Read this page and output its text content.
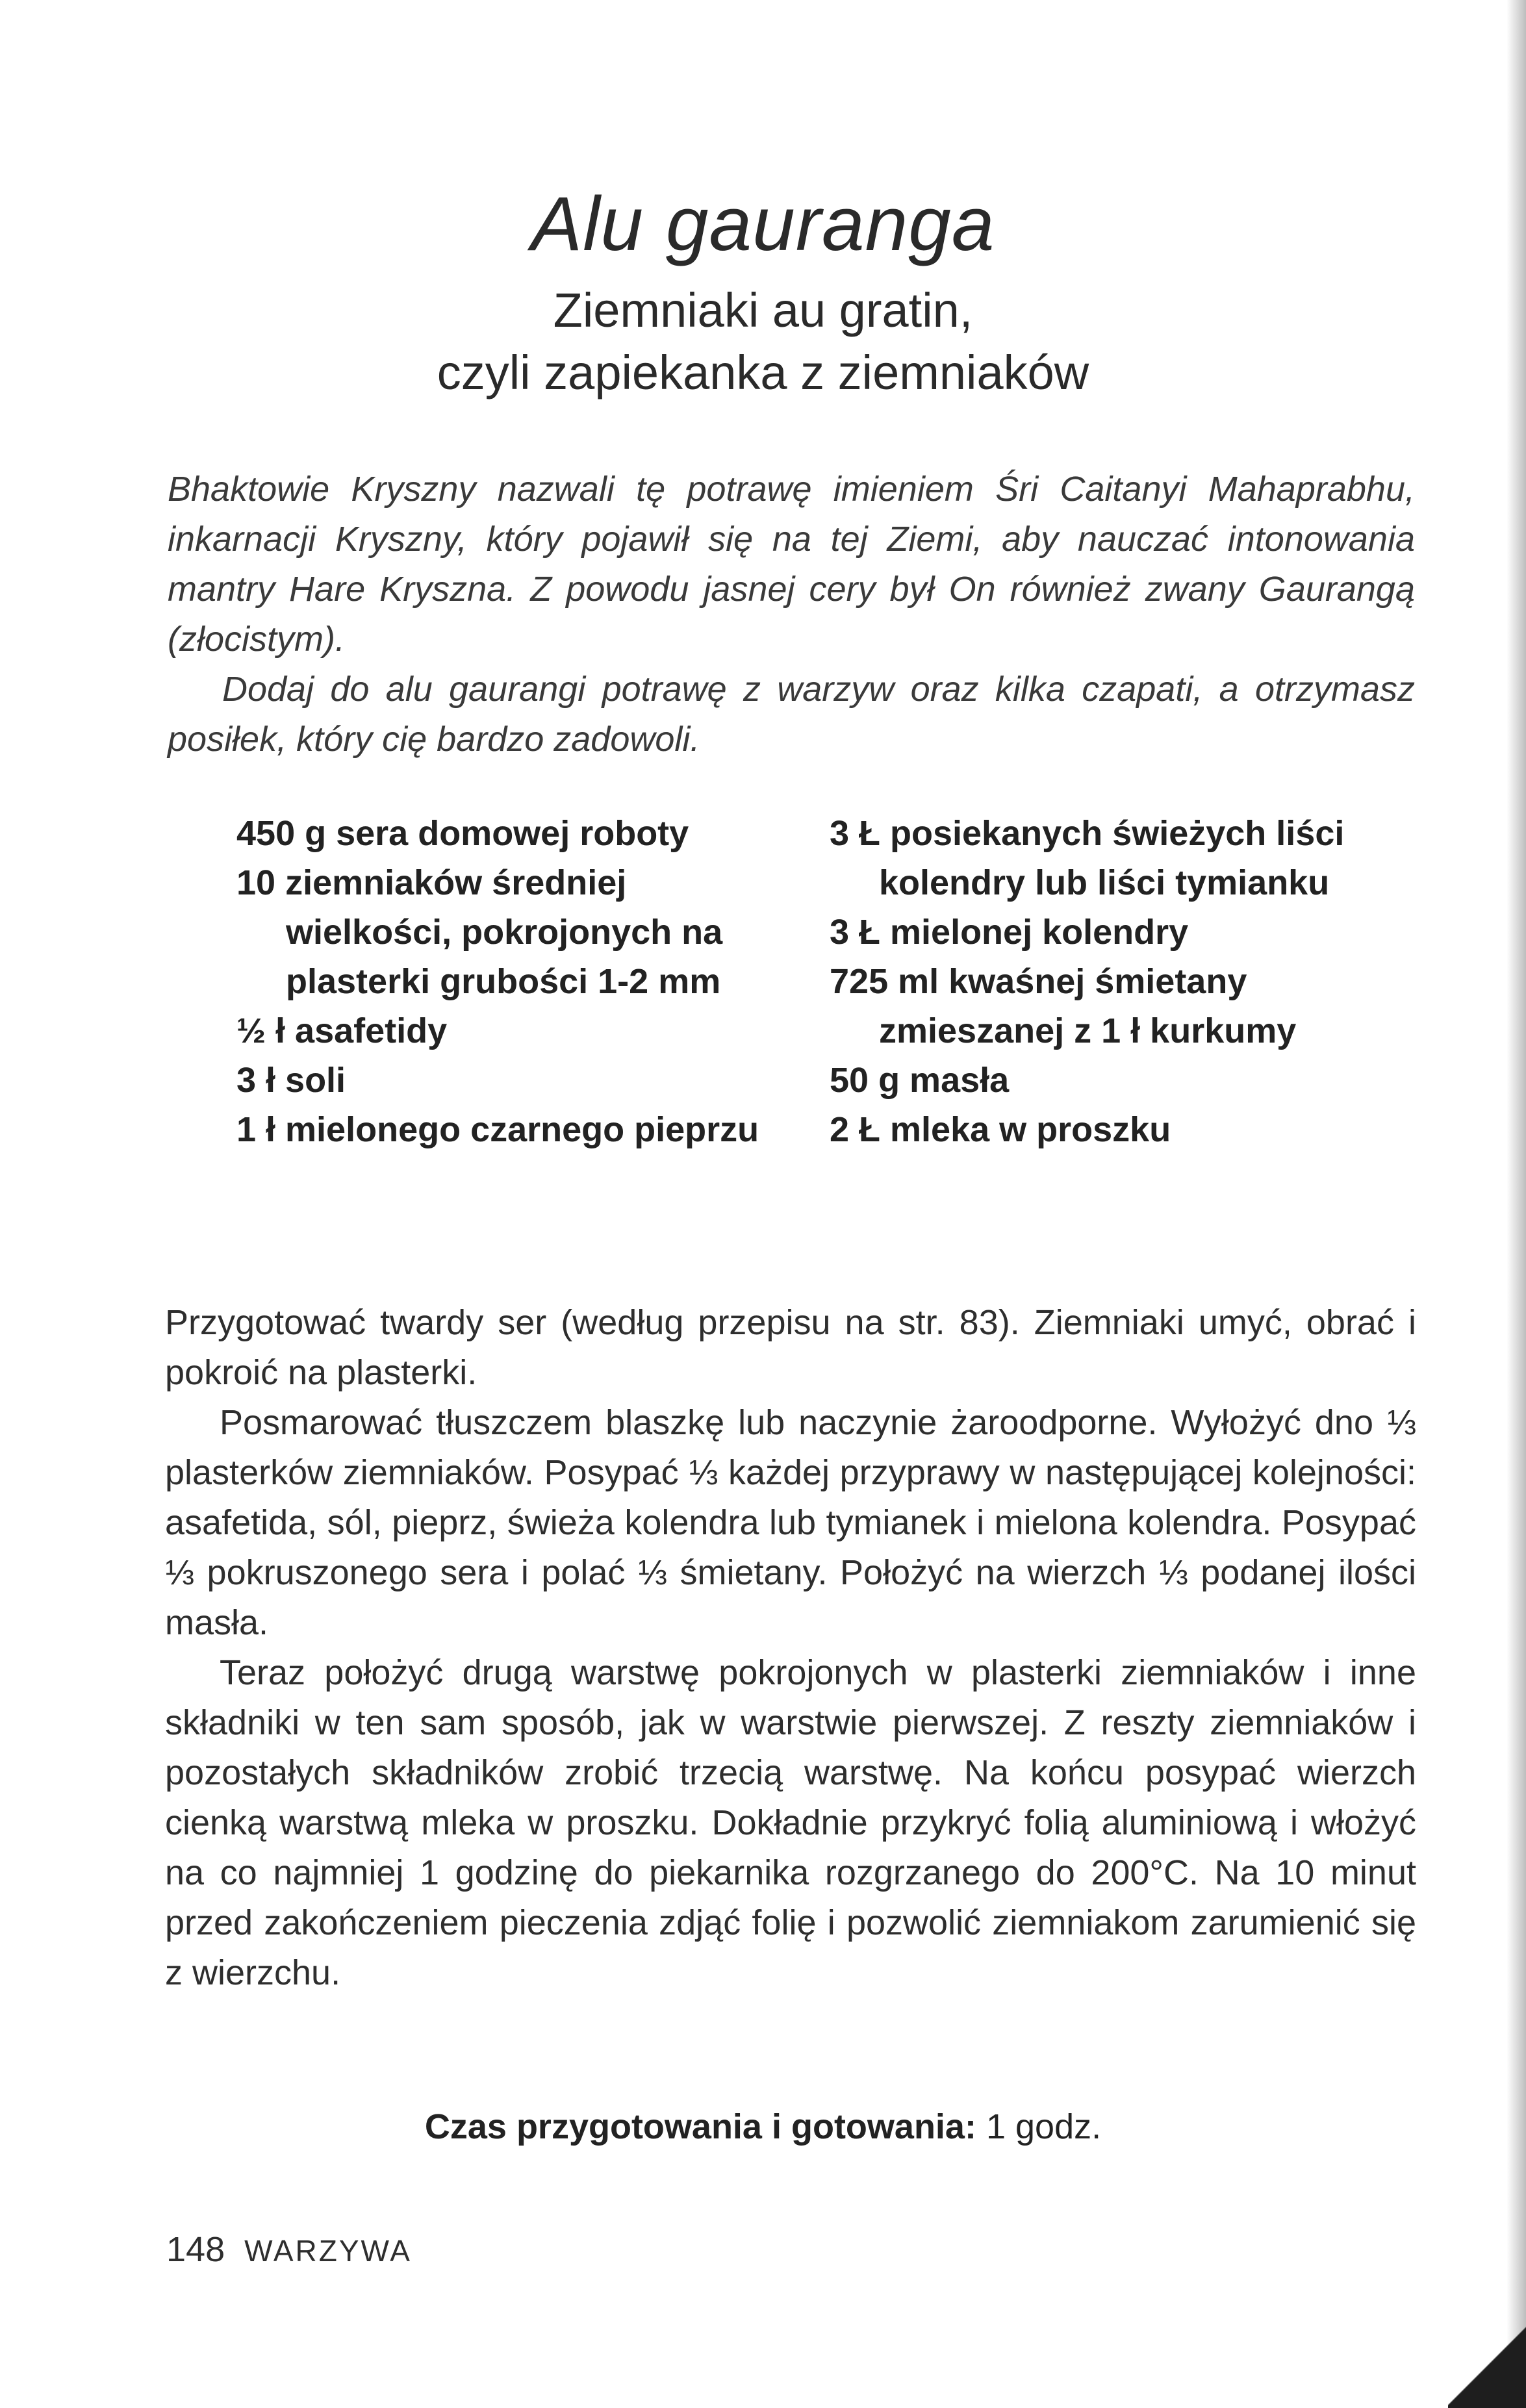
Alu gauranga
Ziemniaki au gratin,
czyli zapiekanka z ziemniaków

Bhaktowie Kryszny nazwali tę potrawę imieniem Śri Caitanyi Mahaprabhu, inkarnacji Kryszny, który pojawił się na tej Ziemi, aby nauczać intonowania mantry Hare Kryszna. Z powodu jasnej cery był On również zwany Gaurangą (złocistym).

Dodaj do alu gaurangi potrawę z warzyw oraz kilka czapati, a otrzymasz posiłek, który cię bardzo zadowoli.

450 g sera domowej roboty
10 ziemniaków średniej wielkości, pokrojonych na plasterki grubości 1-2 mm
½ ł asafetidy
3 ł soli
1 ł mielonego czarnego pieprzu
3 Ł posiekanych świeżych liści kolendry lub liści tymianku
3 Ł mielonej kolendry
725 ml kwaśnej śmietany zmieszanej z 1 ł kurkumy
50 g masła
2 Ł mleka w proszku

Przygotować twardy ser (według przepisu na str. 83). Ziemniaki umyć, obrać i pokroić na plasterki.

Posmarować tłuszczem blaszkę lub naczynie żaroodporne. Wyłożyć dno ⅓ plasterków ziemniaków. Posypać ⅓ każdej przyprawy w następującej kolejności: asafetida, sól, pieprz, świeża kolendra lub tymianek i mielona kolendra. Posypać ⅓ pokruszonego sera i polać ⅓ śmietany. Położyć na wierzch ⅓ podanej ilości masła.

Teraz położyć drugą warstwę pokrojonych w plasterki ziemniaków i inne składniki w ten sam sposób, jak w warstwie pierwszej. Z reszty ziemniaków i pozostałych składników zrobić trzecią warstwę. Na końcu posypać wierzch cienką warstwą mleka w proszku. Dokładnie przykryć folią aluminiową i włożyć na co najmniej 1 godzinę do piekarnika rozgrzanego do 200°C. Na 10 minut przed zakończeniem pieczenia zdjąć folię i pozwolić ziemniakom zarumienić się z wierzchu.

Czas przygotowania i gotowania: 1 godz.
148 WARZYWA
